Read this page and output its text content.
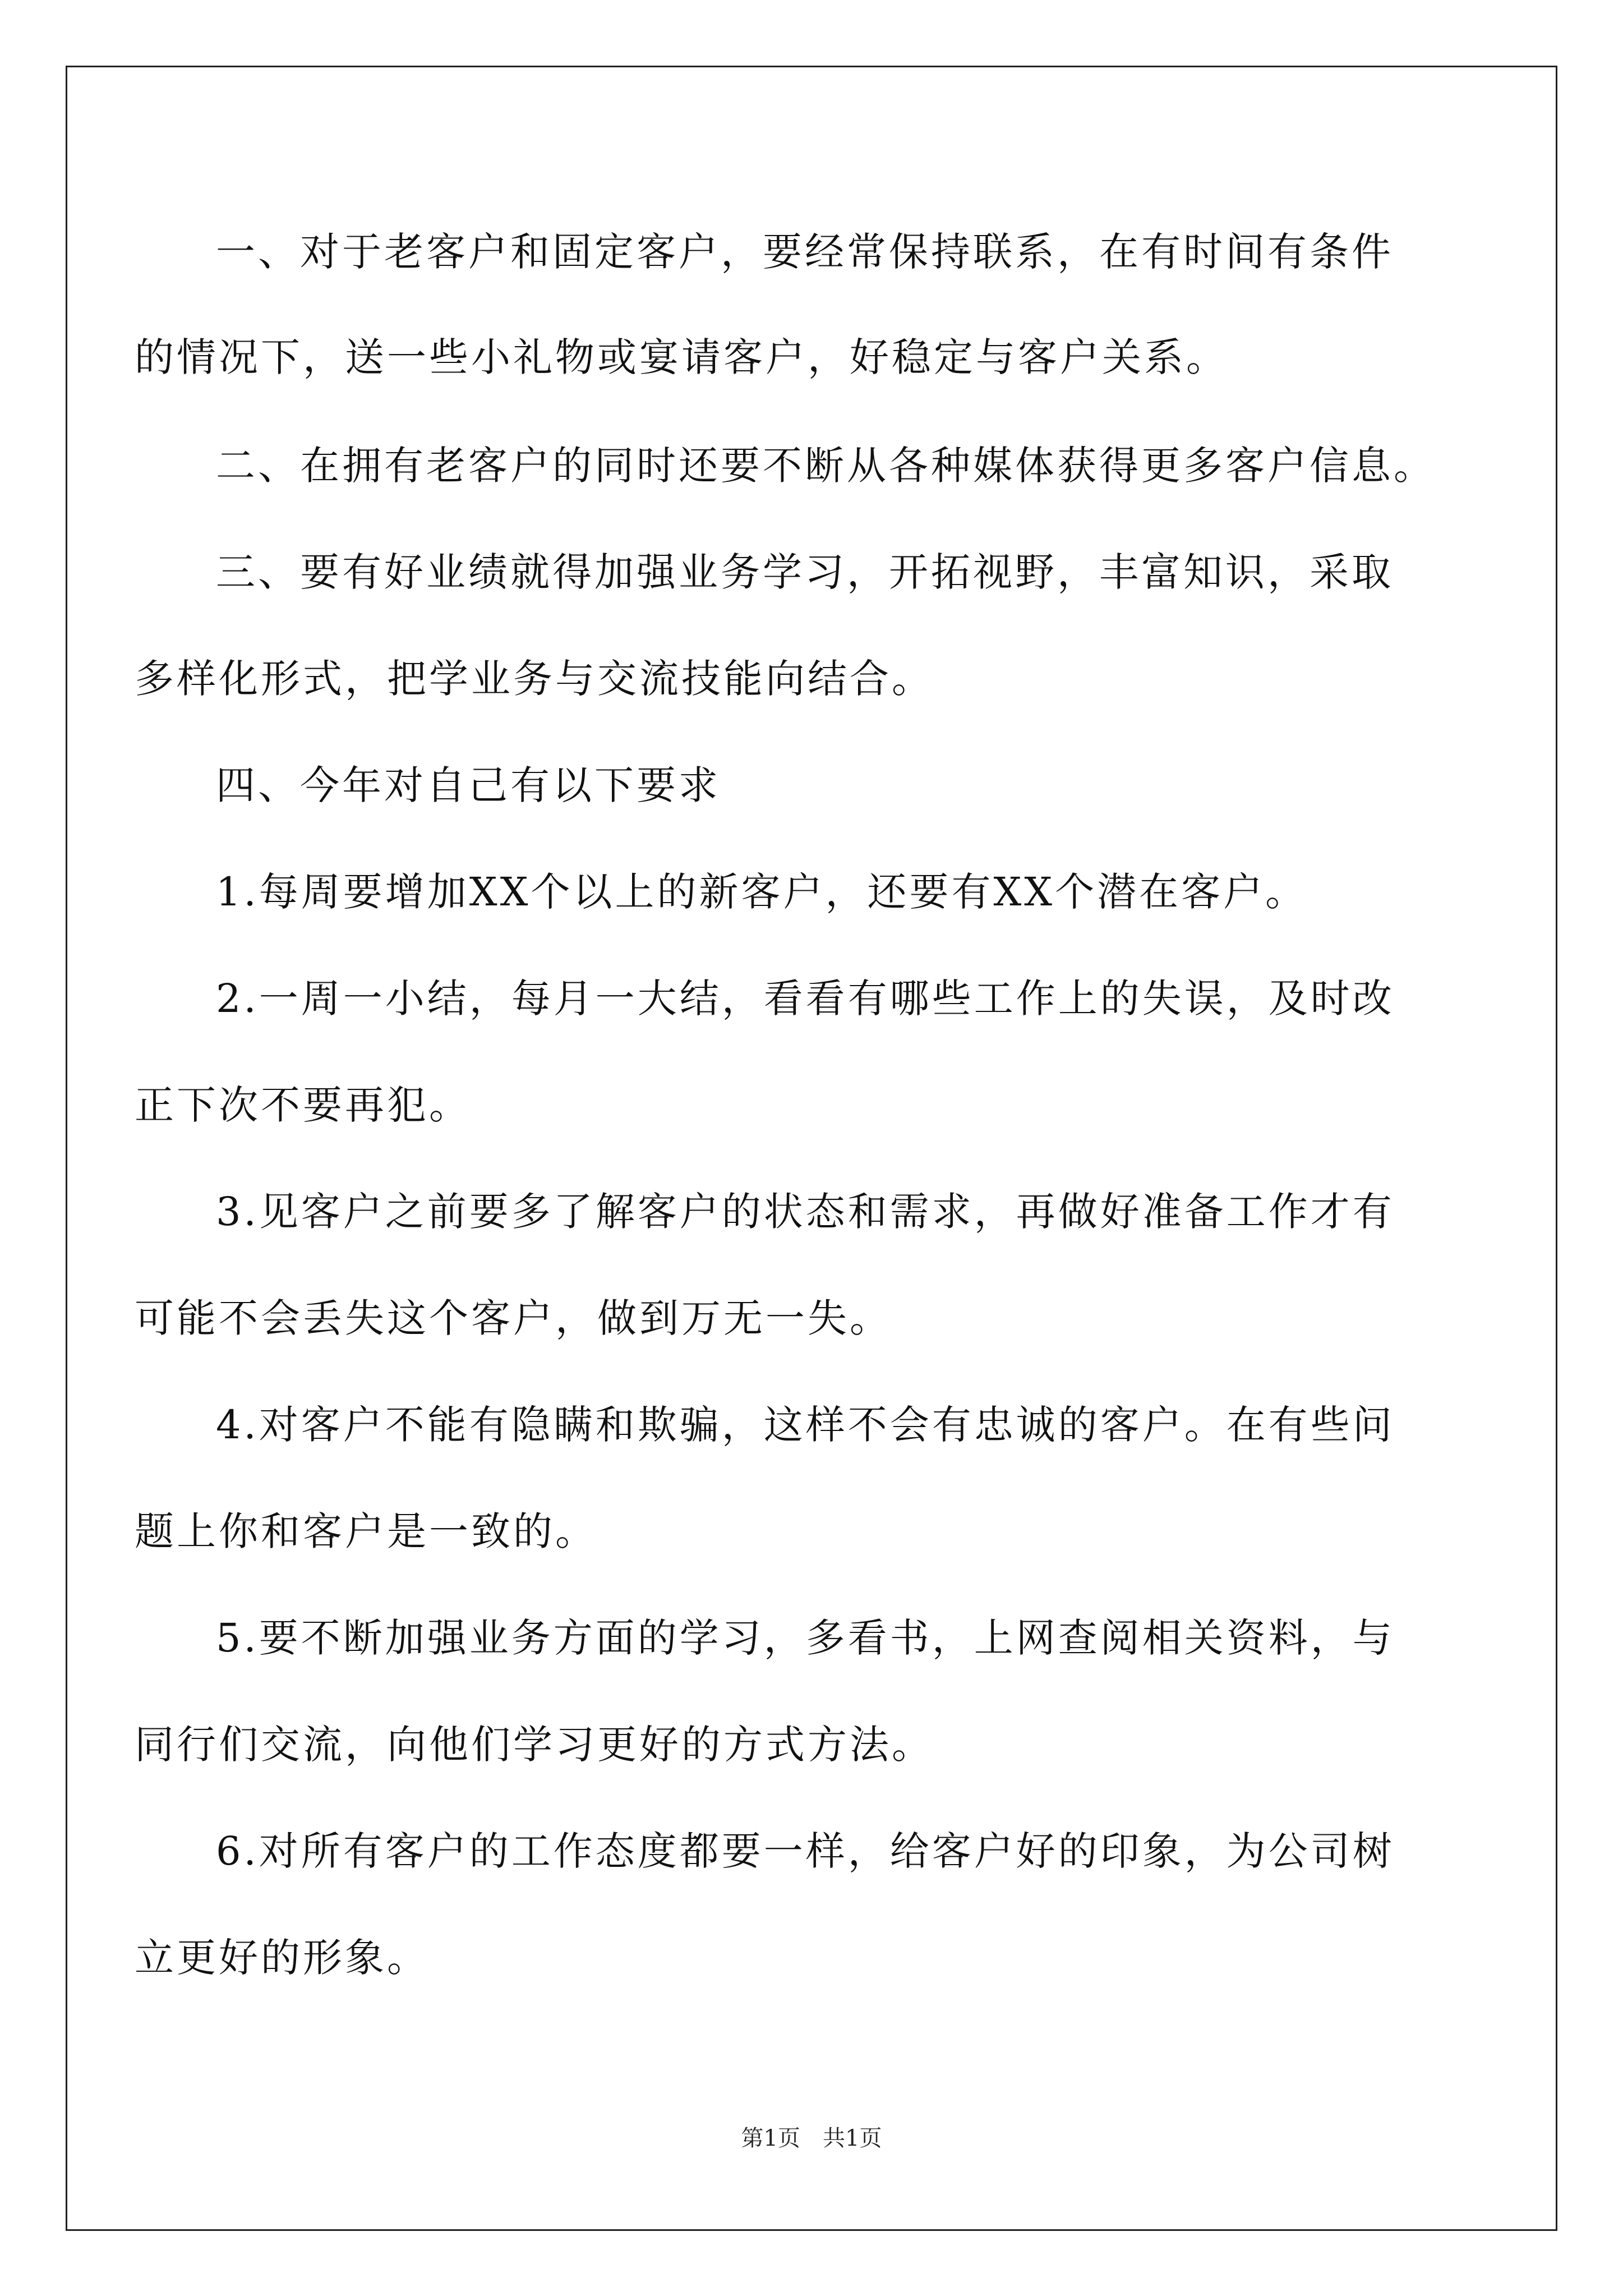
一、对于老客户和固定客户，要经常保持联系，在有时间有条件
的情况下，送一些小礼物或宴请客户，好稳定与客户关系。
二、在拥有老客户的同时还要不断从各种媒体获得更多客户信息。
三、要有好业绩就得加强业务学习，开拓视野，丰富知识，采取
多样化形式，把学业务与交流技能向结合。
四、今年对自己有以下要求
1.每周要增加XX个以上的新客户，还要有XX个潜在客户。
2.一周一小结，每月一大结，看看有哪些工作上的失误，及时改
正下次不要再犯。
3.见客户之前要多了解客户的状态和需求，再做好准备工作才有
可能不会丢失这个客户，做到万无一失。
4.对客户不能有隐瞒和欺骗，这样不会有忠诚的客户。在有些问
题上你和客户是一致的。
5.要不断加强业务方面的学习，多看书，上网查阅相关资料，与
同行们交流，向他们学习更好的方式方法。
6.对所有客户的工作态度都要一样，给客户好的印象，为公司树
立更好的形象。
第1页　共1页
